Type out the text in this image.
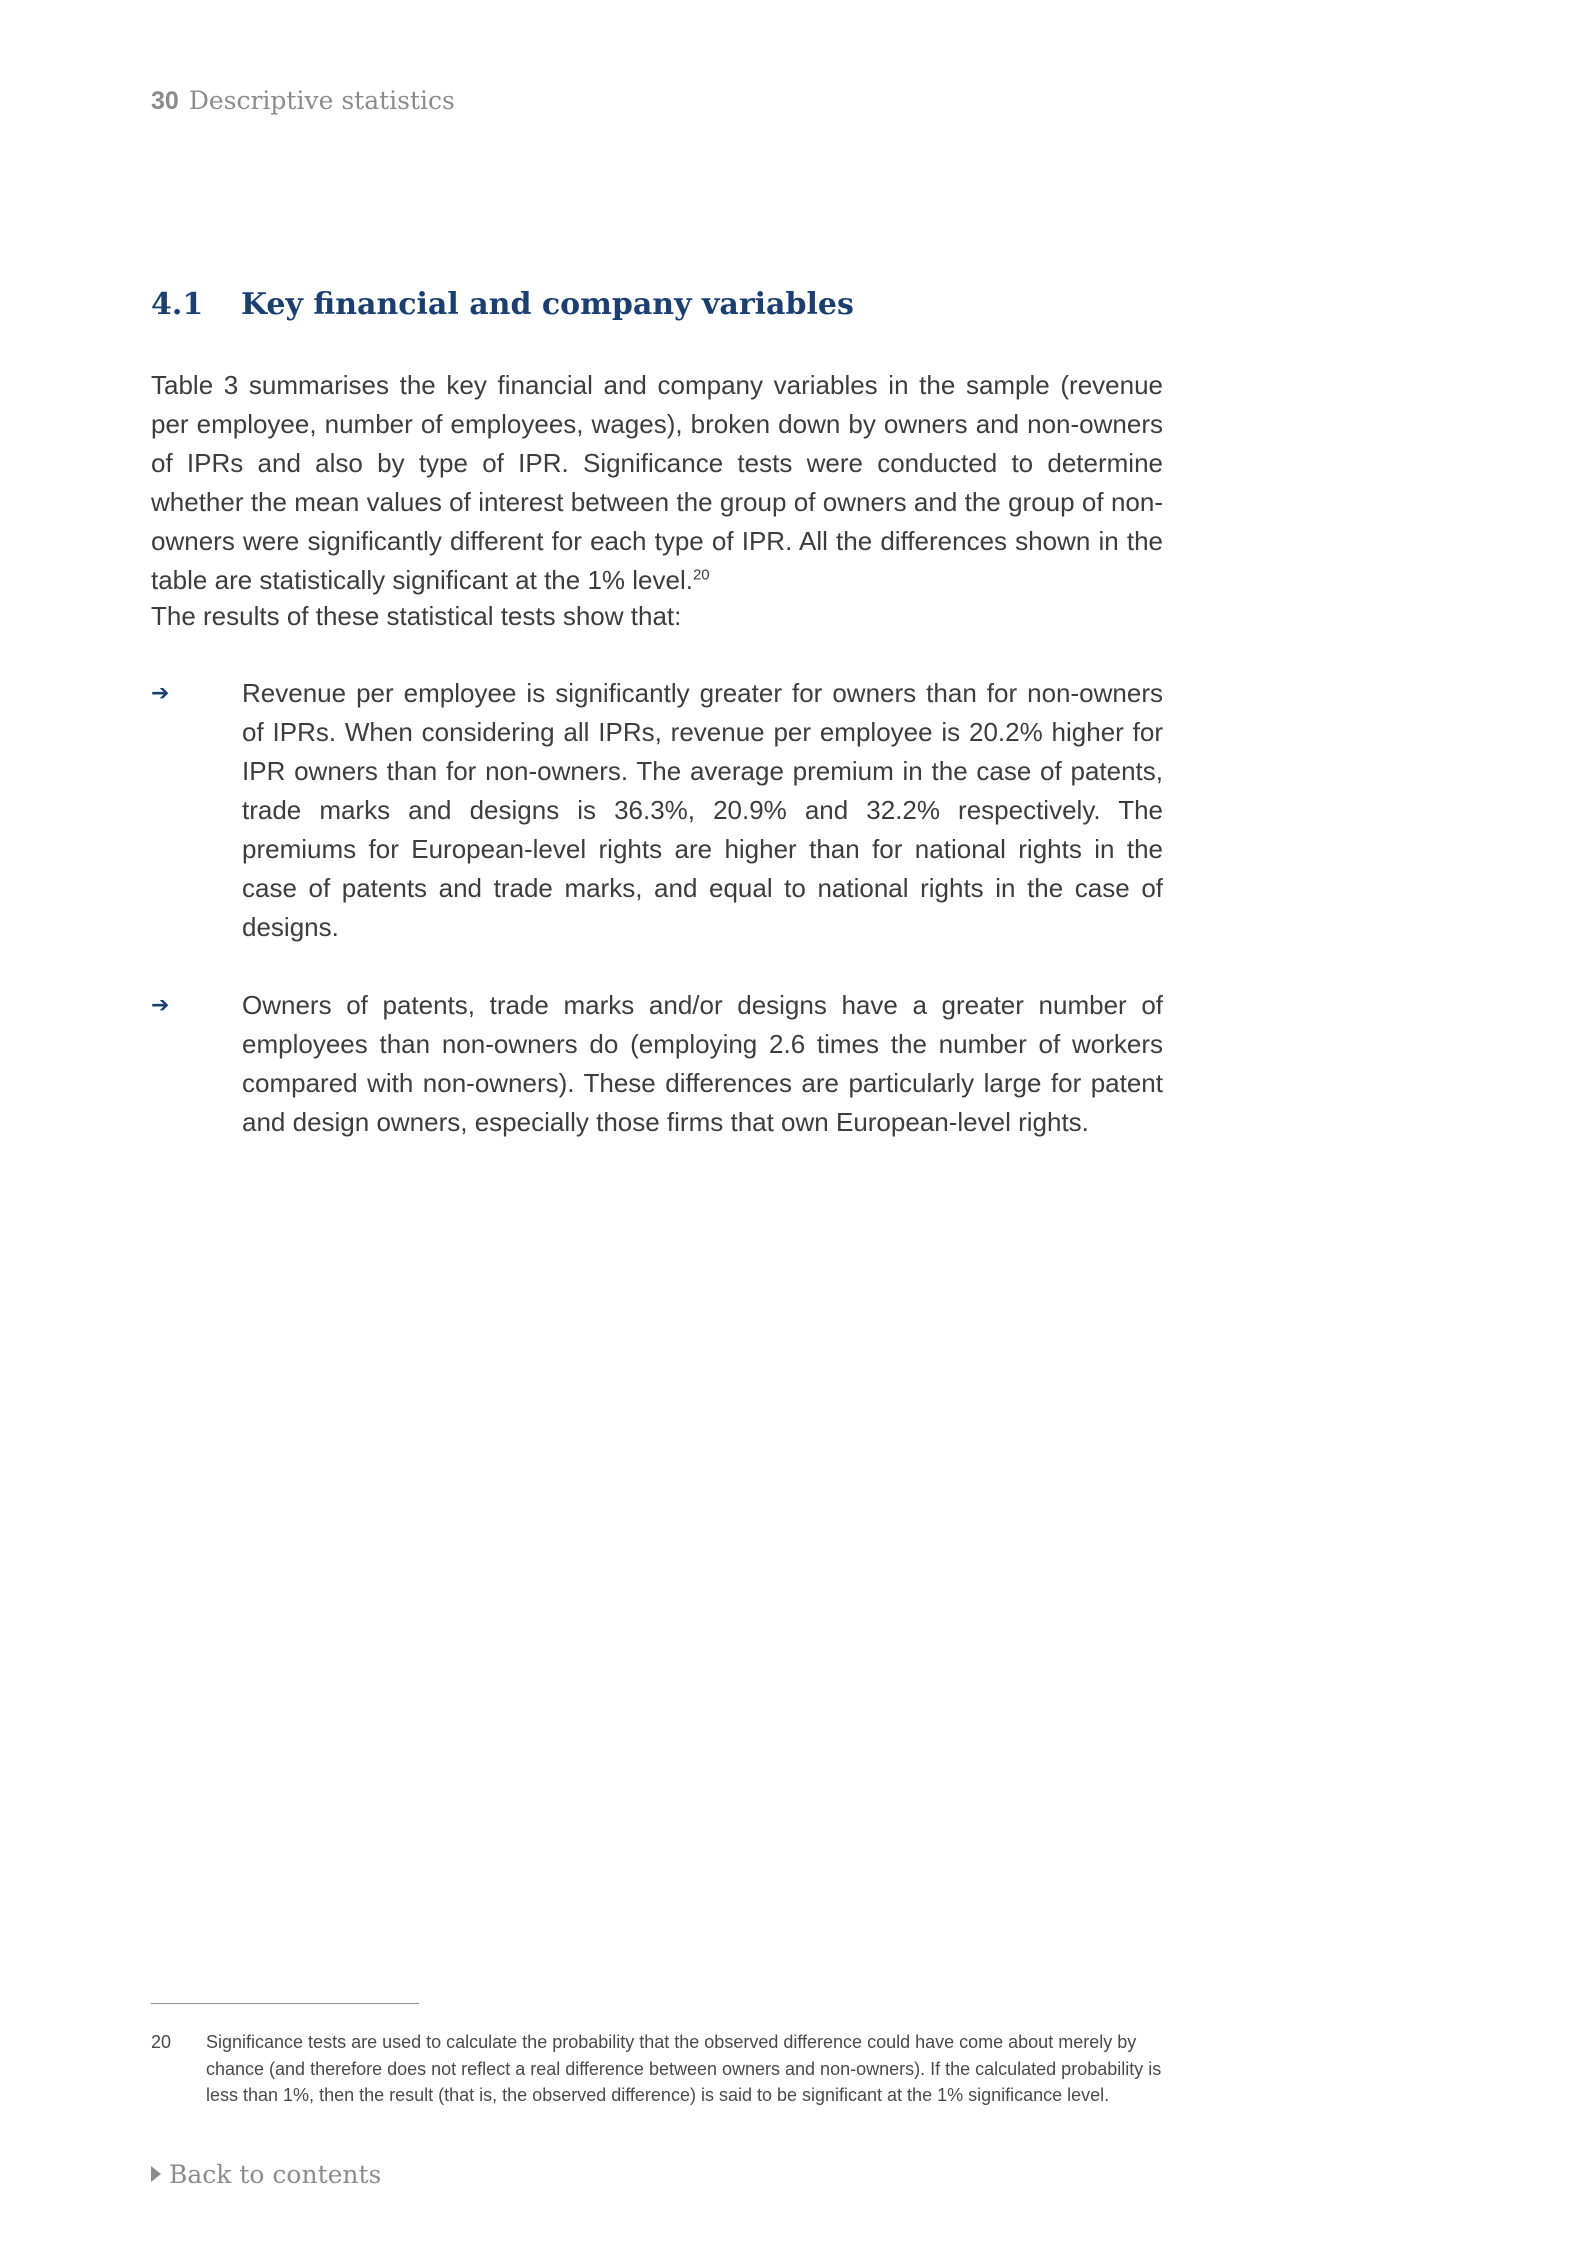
30 Descriptive statistics
4.1 Key financial and company variables

Table 3 summarises the key financial and company variables in the sample (revenue per employee, number of employees, wages), broken down by owners and non-owners of IPRs and also by type of IPR. Significance tests were conducted to determine whether the mean values of interest between the group of owners and the group of non-owners were significantly different for each type of IPR. All the differences shown in the table are statistically significant at the 1% level.$^{20}$

The results of these statistical tests show that:

➔	Revenue per employee is significantly greater for owners than for non-owners of IPRs. When considering all IPRs, revenue per employee is 20.2% higher for IPR owners than for non-owners. The average premium in the case of patents, trade marks and designs is 36.3%, 20.9% and 32.2% respectively. The premiums for European-level rights are higher than for national rights in the case of patents and trade marks, and equal to national rights in the case of designs.
➔	Owners of patents, trade marks and/or designs have a greater number of employees than non-owners do (employing 2.6 times the number of workers compared with non-owners). These differences are particularly large for patent and design owners, especially those firms that own European-level rights.
20 Significance tests are used to calculate the probability that the observed difference could have come about merely by chance (and therefore does not reflect a real difference between owners and non-owners). If the calculated probability is less than 1%, then the result (that is, the observed difference) is said to be significant at the 1% significance level.
Back to contents
